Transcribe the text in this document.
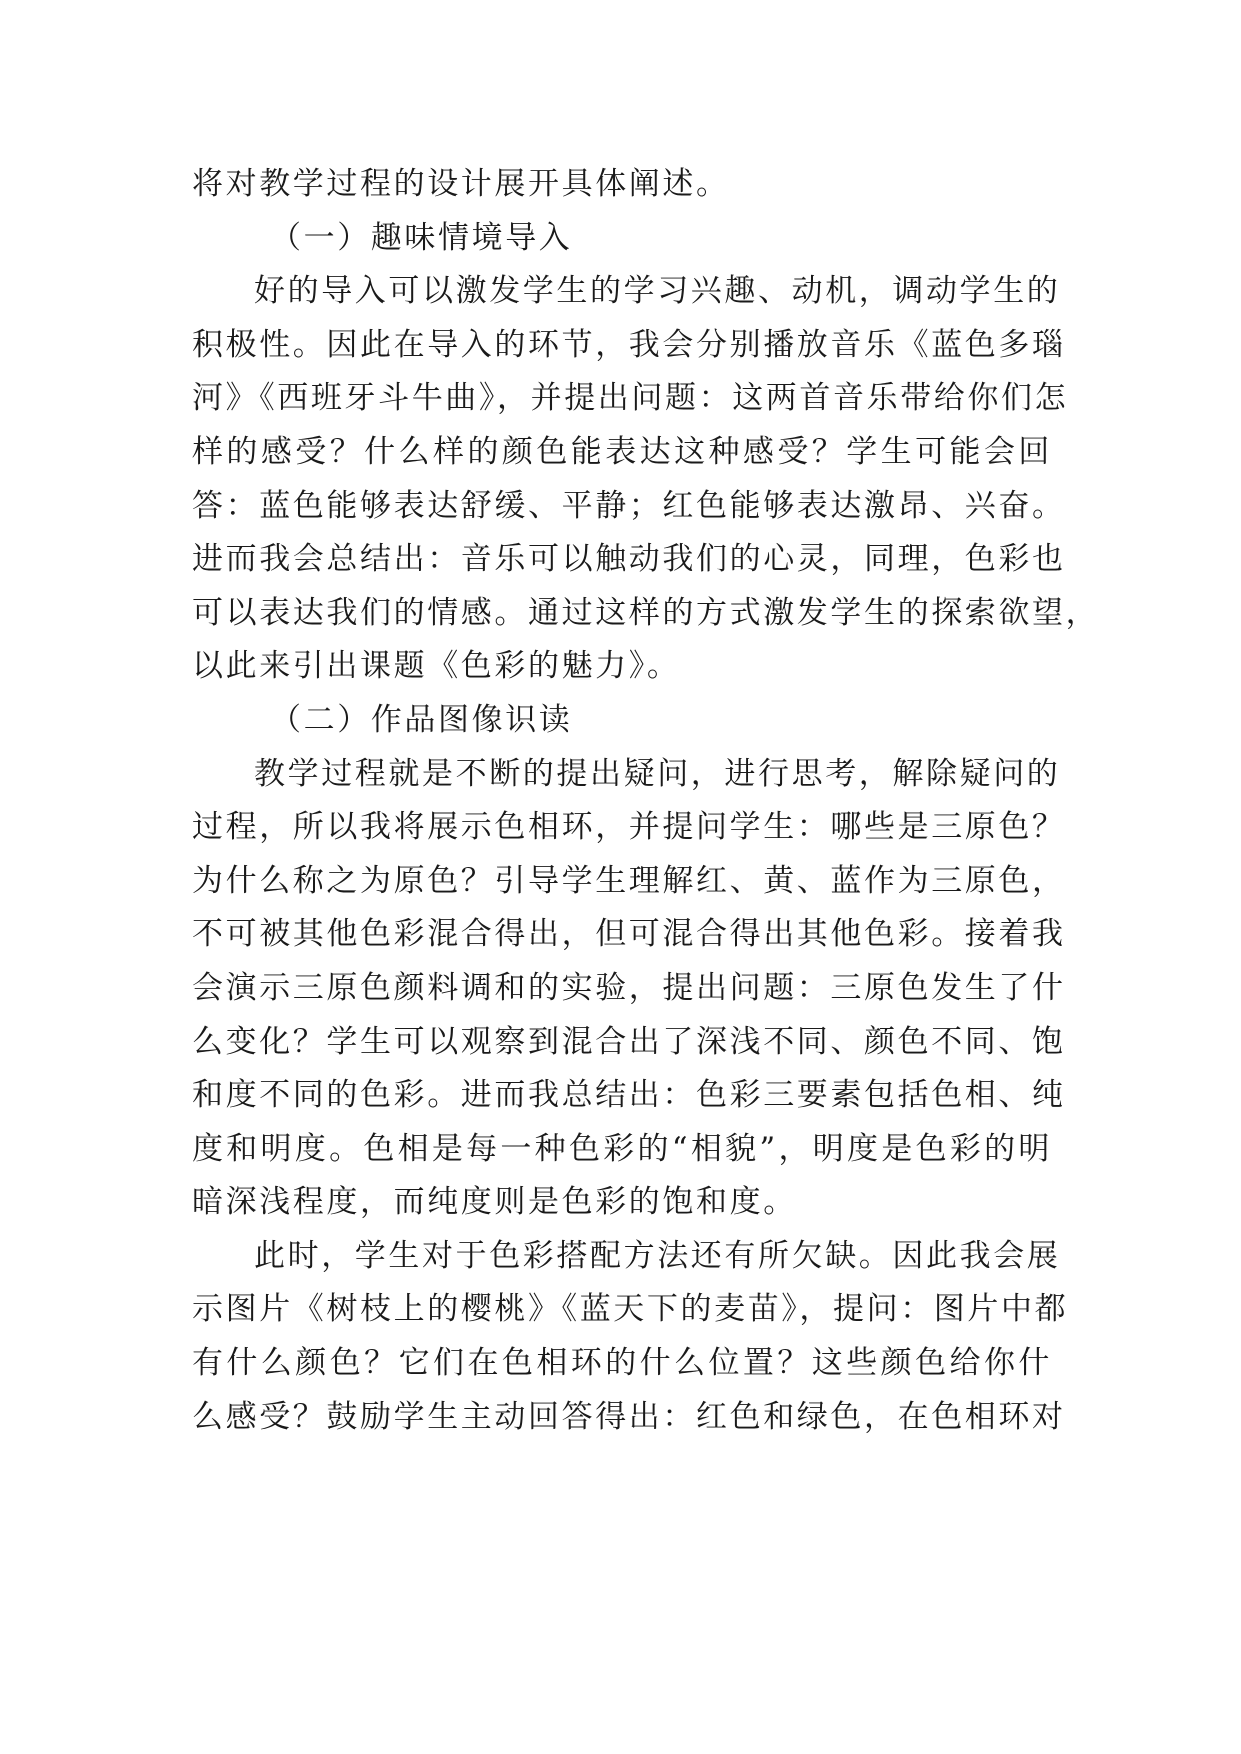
将对教学过程的设计展开具体阐述。
（一）趣味情境导入
好的导入可以激发学生的学习兴趣、动机，调动学生的
积极性。因此在导入的环节，我会分别播放音乐《蓝色多瑙
河》《西班牙斗牛曲》，并提出问题：这两首音乐带给你们怎
样的感受？什么样的颜色能表达这种感受？学生可能会回
答：蓝色能够表达舒缓、平静；红色能够表达激昂、兴奋。
进而我会总结出：音乐可以触动我们的心灵，同理，色彩也
可以表达我们的情感。通过这样的方式激发学生的探索欲望，
以此来引出课题《色彩的魅力》。
（二）作品图像识读
教学过程就是不断的提出疑问，进行思考，解除疑问的
过程，所以我将展示色相环，并提问学生：哪些是三原色？
为什么称之为原色？引导学生理解红、黄、蓝作为三原色，
不可被其他色彩混合得出，但可混合得出其他色彩。接着我
会演示三原色颜料调和的实验，提出问题：三原色发生了什
么变化？学生可以观察到混合出了深浅不同、颜色不同、饱
和度不同的色彩。进而我总结出：色彩三要素包括色相、纯
度和明度。色相是每一种色彩的“相貌”，明度是色彩的明
暗深浅程度，而纯度则是色彩的饱和度。
此时，学生对于色彩搭配方法还有所欠缺。因此我会展
示图片《树枝上的樱桃》《蓝天下的麦苗》，提问：图片中都
有什么颜色？它们在色相环的什么位置？这些颜色给你什
么感受？鼓励学生主动回答得出：红色和绿色，在色相环对
